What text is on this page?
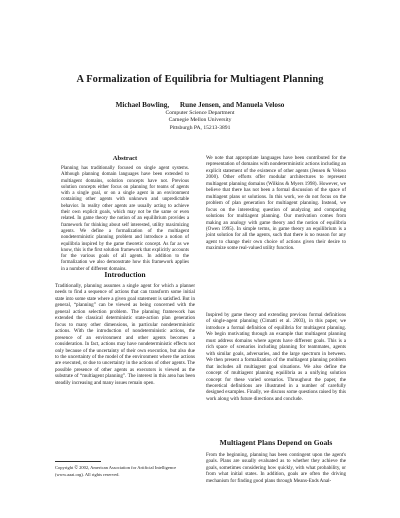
A Formalization of Equilibria for Multiagent Planning
Michael Bowling, Rune Jensen, and Manuela Veloso
Computer Science Department
Carnegie Mellon University
Pittsburgh PA, 15213-3891
Abstract

Planning has traditionally focused on single agent systems. Although planning domain languages have been extended to multiagent domains, solution concepts have not. Previous solution concepts either focus on planning for teams of agents with a single goal, or on a single agent in an environment containing other agents with unknown and unpredictable behavior. In reality other agents are usually acting to achieve their own explicit goals, which may not be the same or even related. In game theory the notion of an equilibrium provides a framework for thinking about self interested, utility maximizing agents. We define a formalization of the multiagent nondeterministic planning problem and introduce a notion of equilibria inspired by the game theoretic concept. As far as we know, this is the first solution framework that explicitly accounts for the various goals of all agents. In addition to the formalization we also demonstrate how this framework applies in a number of different domains.

Introduction

Traditionally, planning assumes a single agent for which a planner needs to find a sequence of actions that can transform some initial state into some state where a given goal statement is satisfied. But in general, “planning” can be viewed as being concerned with the general action selection problem. The planning framework has extended the classical deterministic state-action plan generation focus to many other dimensions, in particular nondeterministic actions. With the introduction of nondeterministic actions, the presence of an environment and other agents becomes a consideration. In fact, actions may have nondeterministic effects not only because of the uncertainty of their own execution, but also due to the uncertainty of the model of the environment where the actions are executed, or due to uncertainty in the actions of other agents. The possible presence of other agents as executors is viewed as the substrate of “multiagent planning”. The interest in this area has been steadily increasing and many issues remain open.

Copyright © 2002, American Association for Artificial Intelligence (www.aaai.org). All rights reserved.

We note that appropriate languages have been contributed for the representation of domains with nondeterministic actions including an explicit statement of the existence of other agents (Jensen & Veloso 2000). Other efforts offer modular architectures to represent multiagent planning domains (Wilkins & Myers 1998). However, we believe that there has not been a formal discussion of the space of multiagent plans or solutions. In this work, we do not focus on the problem of plan generation for multiagent planning. Instead, we focus on the interesting question of analyzing and comparing solutions for multiagent planning. Our motivation comes from making an analogy with game theory and the notion of equilibria (Owen 1995). In simple terms, in game theory an equilibrium is a joint solution for all the agents, such that there is no reason for any agent to change their own choice of actions given their desire to maximize some real-valued utility function.

Inspired by game theory and extending previous formal definitions of single-agent planning (Cimatti et al. 2003), in this paper, we introduce a formal definition of equilibria for multiagent planning. We begin motivating through an example that multiagent planning must address domains where agents have different goals. This is a rich space of scenarios including planning for teammates, agents with similar goals, adversaries, and the large spectrum in between. We then present a formalization of the multiagent planning problem that includes all multiagent goal situations. We also define the concept of multiagent planning equilibria as a unifying solution concept for these varied scenarios. Throughout the paper, the theoretical definitions are illustrated in a number of carefully designed examples. Finally, we discuss some questions raised by this work along with future directions and conclude.

Multiagent Plans Depend on Goals

From the beginning, planning has been contingent upon the agent's goals. Plans are usually evaluated as to whether they achieve the goals, sometimes considering how quickly, with what probability, or from what initial states. In addition, goals are often the driving mechanism for finding good plans through Means-Ends Anal-
